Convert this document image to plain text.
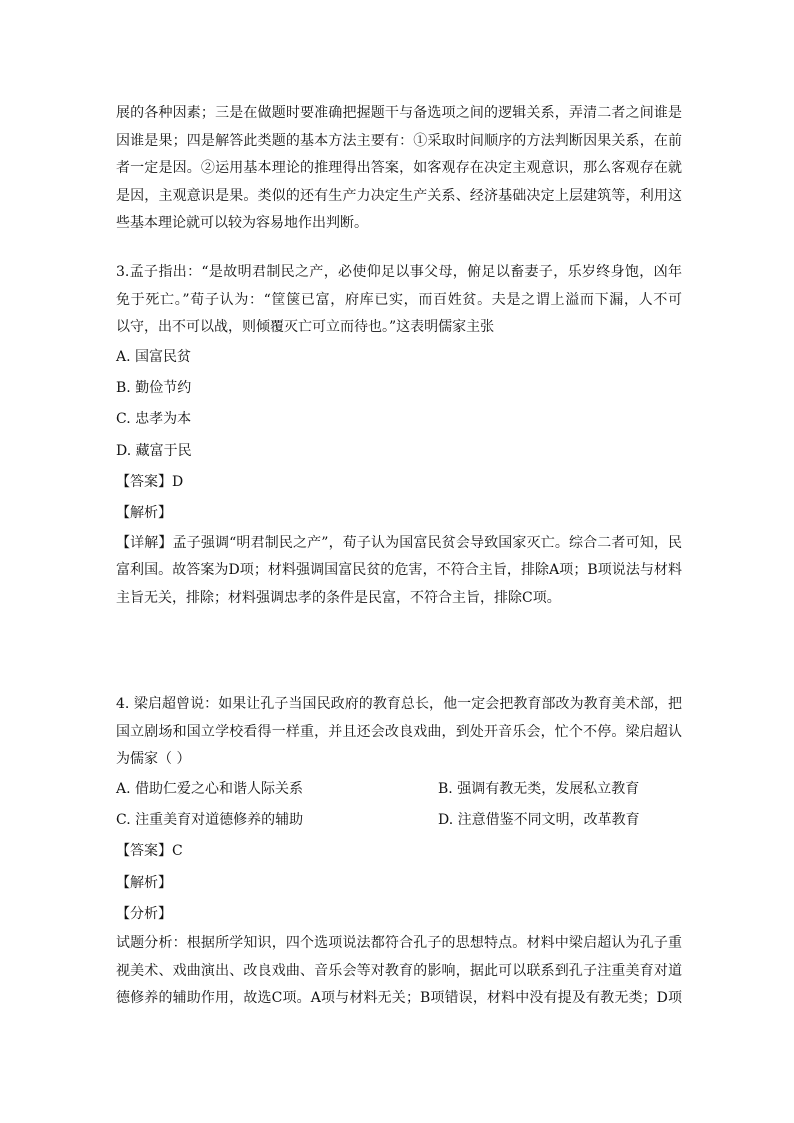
展的各种因素；三是在做题时要准确把握题干与备选项之间的逻辑关系，弄清二者之间谁是
因谁是果；四是解答此类题的基本方法主要有：①采取时间顺序的方法判断因果关系，在前
者一定是因。②运用基本理论的推理得出答案，如客观存在决定主观意识，那么客观存在就
是因，主观意识是果。类似的还有生产力决定生产关系、经济基础决定上层建筑等，利用这
些基本理论就可以较为容易地作出判断。
3.孟子指出：“是故明君制民之产，必使仰足以事父母，俯足以畜妻子，乐岁终身饱，凶年
免于死亡。”荀子认为：“筐箧已富，府库已实，而百姓贫。夫是之谓上溢而下漏，人不可
以守，出不可以战，则倾覆灭亡可立而待也。”这表明儒家主张
A. 国富民贫
B. 勤俭节约
C. 忠孝为本
D. 藏富于民
【答案】D
【解析】
【详解】孟子强调“明君制民之产”，荀子认为国富民贫会导致国家灭亡。综合二者可知，民
富利国。故答案为D项；材料强调国富民贫的危害，不符合主旨，排除A项；B项说法与材料
主旨无关，排除；材料强调忠孝的条件是民富，不符合主旨，排除C项。
4. 梁启超曾说：如果让孔子当国民政府的教育总长，他一定会把教育部改为教育美术部，把
国立剧场和国立学校看得一样重，并且还会改良戏曲，到处开音乐会，忙个不停。梁启超认
为儒家（ ）
A. 借助仁爱之心和谐人际关系	B. 强调有教无类，发展私立教育
C. 注重美育对道德修养的辅助	D. 注意借鉴不同文明，改革教育
【答案】C
【解析】
【分析】
试题分析：根据所学知识，四个选项说法都符合孔子的思想特点。材料中梁启超认为孔子重
视美术、戏曲演出、改良戏曲、音乐会等对教育的影响，据此可以联系到孔子注重美育对道
德修养的辅助作用，故选C项。A项与材料无关；B项错误，材料中没有提及有教无类；D项
